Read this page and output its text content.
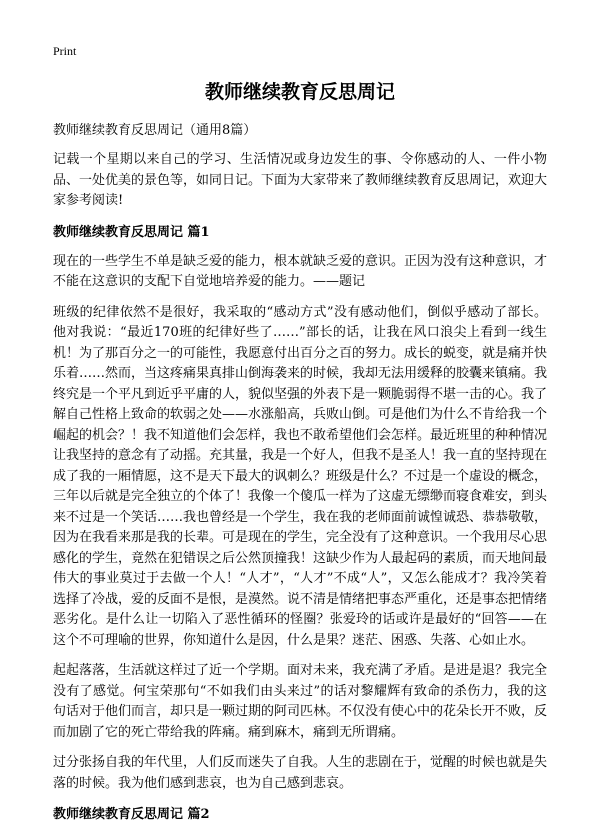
Print
教师继续教育反思周记
教师继续教育反思周记（通用8篇）

记载一个星期以来自己的学习、生活情况或身边发生的事、令你感动的人、一件小物品、一处优美的景色等，如同日记。下面为大家带来了教师继续教育反思周记，欢迎大家参考阅读!

教师继续教育反思周记 篇1

现在的一些学生不单是缺乏爱的能力，根本就缺乏爱的意识。正因为没有这种意识，才不能在这意识的支配下自觉地培养爱的能力。——题记

班级的纪律依然不是很好，我采取的“感动方式”没有感动他们，倒似乎感动了部长。他对我说：“最近170班的纪律好些了……”部长的话，让我在风口浪尖上看到一线生机！为了那百分之一的可能性，我愿意付出百分之百的努力。成长的蜕变，就是痛并快乐着……然而，当这疼痛果真排山倒海袭来的时候，我却无法用缓释的胶囊来镇痛。我终究是一个平凡到近乎平庸的人，貌似坚强的外表下是一颗脆弱得不堪一击的心。我了解自己性格上致命的软弱之处——水涨船高，兵败山倒。可是他们为什么不肯给我一个崛起的机会？！我不知道他们会怎样，我也不敢希望他们会怎样。最近班里的种种情况让我坚持的意念有了动摇。充其量，我是一个好人，但我不是圣人！我一直的坚持现在成了我的一厢情愿，这不是天下最大的讽刺么？班级是什么？不过是一个虚设的概念，三年以后就是完全独立的个体了！我像一个傻瓜一样为了这虚无缥缈而寝食难安，到头来不过是一个笑话……我也曾经是一个学生，我在我的老师面前诚惶诚恐、恭恭敬敬，因为在我看来那是我的长辈。可是现在的学生，完全没有了这种意识。一个我用尽心思感化的学生，竟然在犯错误之后公然顶撞我！这缺少作为人最起码的素质，而天地间最伟大的事业莫过于去做一个人！“人才”，“人才”不成“人”，又怎么能成才？我冷笑着选择了冷战，爱的反面不是恨，是漠然。说不清是情绪把事态严重化，还是事态把情绪恶劣化。是什么让一切陷入了恶性循环的怪圈？张爱玲的话或许是最好的“回答——在这个不可理喻的世界，你知道什么是因，什么是果？迷茫、困惑、失落、心如止水。

起起落落，生活就这样过了近一个学期。面对未来，我充满了矛盾。是进是退？我完全没有了感觉。何宝荣那句“不如我们由头来过”的话对黎耀辉有致命的杀伤力，我的这句话对于他们而言，却只是一颗过期的阿司匹林。不仅没有使心中的花朵长开不败，反而加剧了它的死亡带给我的阵痛。痛到麻木，痛到无所谓痛。

过分张扬自我的年代里，人们反而迷失了自我。人生的悲剧在于，觉醒的时候也就是失落的时候。我为他们感到悲哀，也为自己感到悲哀。

教师继续教育反思周记 篇2
